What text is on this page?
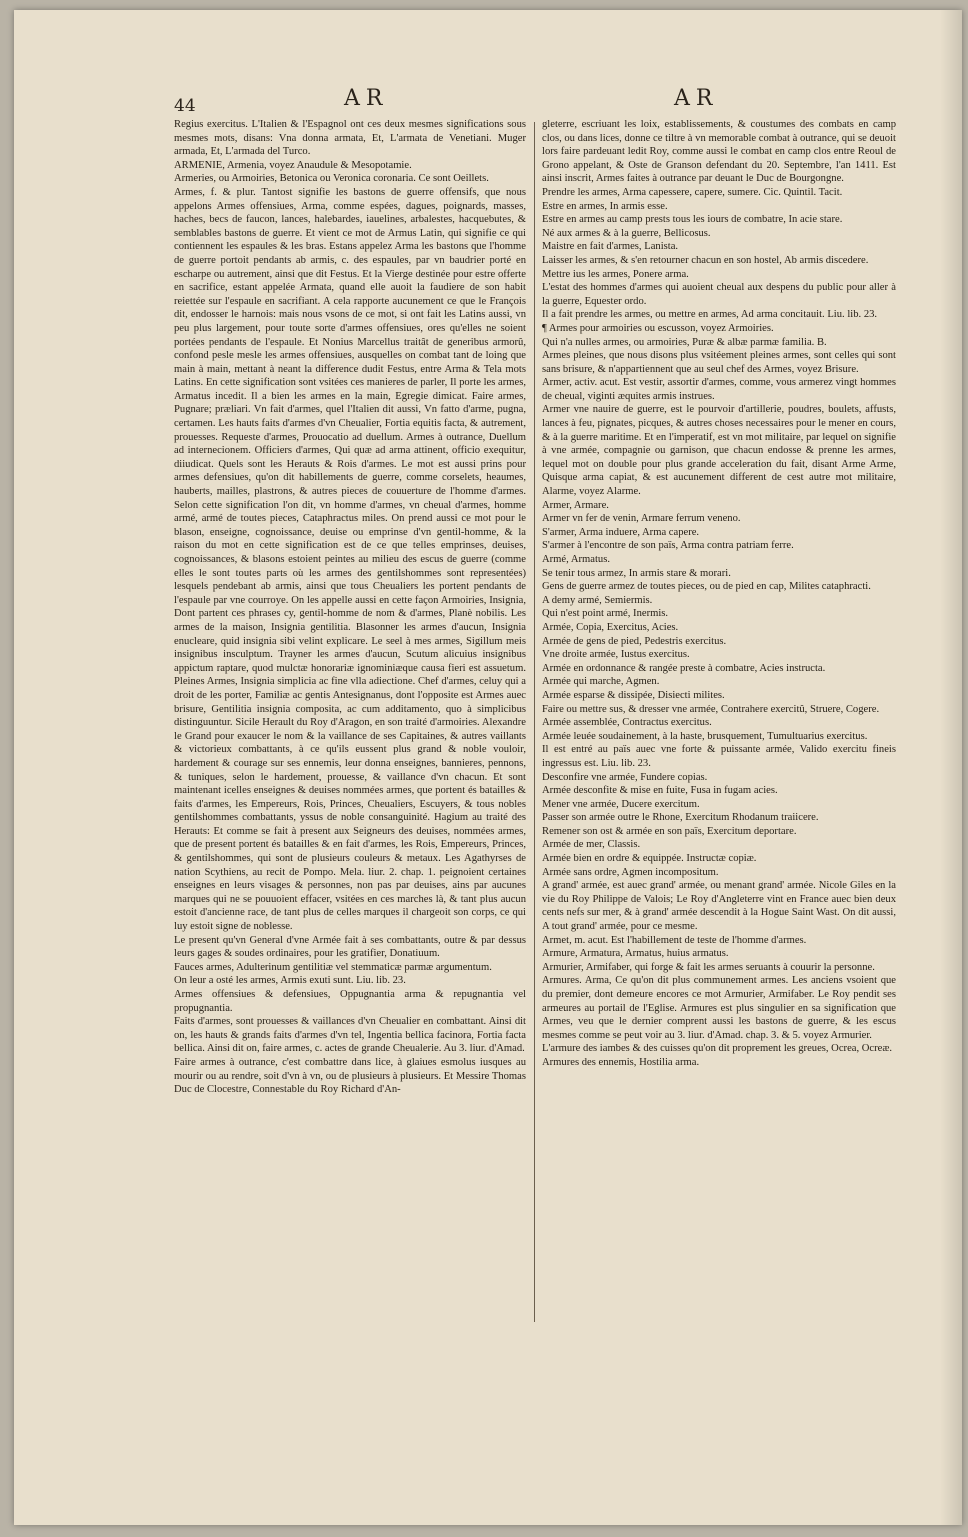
44	AR	AR

Regius exercitus. L'Italien & l'Espagnol ont ces deux mesmes significations sous mesmes mots, disans: Vna donna armata, Et, L'armata de Venetiani. Muger armada, Et, L'armada del Turco.

ARMENIE, Armenia, voyez Anaudule & Mesopotamie.

Armeries, ou Armoiries, Betonica ou Veronica coronaria. Ce sont Oeillets.

Armes, f. & plur. Tantost signifie les bastons de guerre offensifs, que nous appelons Armes offensiues, Arma, comme espées, dagues, poignards, masses, haches, becs de faucon, lances, halebardes, iauelines, arbalestes, hacquebutes, & semblables bastons de guerre. Et vient ce mot de Armus Latin, qui signifie ce qui contiennent les espaules & les bras. Estans appelez Arma les bastons que l'homme de guerre portoit pendants ab armis, c. des espaules, par vn baudrier porté en escharpe ou autrement, ainsi que dit Festus. Et la Vierge destinée pour estre offerte en sacrifice, estant appelée Armata, quand elle auoit la faudiere de son habit reiettée sur l'espaule en sacrifiant. A cela rapporte aucunement ce que le François dit, endosser le harnois: mais nous vsons de ce mot, si ont fait les Latins aussi, vn peu plus largement, pour toute sorte d'armes offensiues, ores qu'elles ne soient portées pendants de l'espaule. Et Nonius Marcellus traitât de generibus armorû, confond pesle mesle les armes offensiues, ausquelles on combat tant de loing que main à main, mettant à neant la difference dudit Festus, entre Arma & Tela mots Latins. En cette signification sont vsitées ces manieres de parler, Il porte les armes, Armatus incedit. Il a bien les armes en la main, Egregie dimicat. Faire armes, Pugnare; præliari. Vn fait d'armes, quel l'Italien dit aussi, Vn fatto d'arme, pugna, certamen. Les hauts faits d'armes d'vn Cheualier, Fortia equitis facta, & autrement, prouesses. Requeste d'armes, Prouocatio ad duellum. Armes à outrance, Duellum ad internecionem. Officiers d'armes, Qui quæ ad arma attinent, officio exequitur, diiudicat. Quels sont les Herauts & Rois d'armes. Le mot est aussi prins pour armes defensiues, qu'on dit habillements de guerre, comme corselets, heaumes, hauberts, mailles, plastrons, & autres pieces de couuerture de l'homme d'armes. Selon cette signification l'on dit, vn homme d'armes, vn cheual d'armes, homme armé, armé de toutes pieces, Cataphractus miles. On prend aussi ce mot pour le blason, enseigne, cognoissance, deuise ou emprinse d'vn gentil-homme, & la raison du mot en cette signification est de ce que telles emprinses, deuises, cognoissances, & blasons estoient peintes au milieu des escus de guerre (comme elles le sont toutes parts où les armes des gentilshommes sont representées) lesquels pendebant ab armis, ainsi que tous Cheualiers les portent pendants de l'espaule par vne courroye. On les appelle aussi en cette façon Armoiries, Insignia, Dont partent ces phrases cy, gentil-homme de nom & d'armes, Planè nobilis. Les armes de la maison, Insignia gentilitia. Blasonner les armes d'aucun, Insignia enucleare, quid insignia sibi velint explicare. Le seel à mes armes, Sigillum meis insignibus insculptum. Trayner les armes d'aucun, Scutum alicuius insignibus appictum raptare, quod mulctæ honorariæ ignominiæque causa fieri est assuetum. Pleines Armes, Insignia simplicia ac fine vlla adiectione. Chef d'armes, celuy qui a droit de les porter, Familiæ ac gentis Antesignanus, dont l'opposite est Armes auec brisure, Gentilitia insignia composita, ac cum additamento, quo à simplicibus distinguuntur. Sicile Herault du Roy d'Aragon, en son traité d'armoiries. Alexandre le Grand pour exaucer le nom & la vaillance de ses Capitaines, & autres vaillants & victorieux combattants, à ce qu'ils eussent plus grand & noble vouloir, hardement & courage sur ses ennemis, leur donna enseignes, bannieres, pennons, & tuniques, selon le hardement, prouesse, & vaillance d'vn chacun. Et sont maintenant icelles enseignes & deuises nommées armes, que portent és batailles & faits d'armes, les Empereurs, Rois, Princes, Cheualiers, Escuyers, & tous nobles gentilshommes combattants, yssus de noble consanguinité. Hagium au traité des Herauts: Et comme se fait à present aux Seigneurs des deuises, nommées armes, que de present portent és batailles & en fait d'armes, les Rois, Empereurs, Princes, & gentilshommes, qui sont de plusieurs couleurs & metaux. Les Agathyrses de nation Scythiens, au recit de Pompo. Mela. liur. 2. chap. 1. peignoient certaines enseignes en leurs visages & personnes, non pas par deuises, ains par aucunes marques qui ne se pouuoient effacer, vsitées en ces marches là, & tant plus aucun estoit d'ancienne race, de tant plus de celles marques il chargeoit son corps, ce qui luy estoit signe de noblesse.

Le present qu'vn General d'vne Armée fait à ses combattants, outre & par dessus leurs gages & soudes ordinaires, pour les gratifier, Donatiuum.

Fauces armes, Adulterinum gentilitiæ vel stemmaticæ parmæ argumentum.

On leur a osté les armes, Armis exuti sunt. Liu. lib. 23.

Armes offensiues & defensiues, Oppugnantia arma & repugnantia vel propugnantia.

Faits d'armes, sont prouesses & vaillances d'vn Cheualier en combattant. Ainsi dit on, les hauts & grands faits d'armes d'vn tel, Ingentia bellica facinora, Fortia facta bellica. Ainsi dit on, faire armes, c. actes de grande Cheualerie. Au 3. liur. d'Amad.

Faire armes à outrance, c'est combattre dans lice, à glaiues esmolus iusques au mourir ou au rendre, soit d'vn à vn, ou de plusieurs à plusieurs. Et Messire Thomas Duc de Clocestre, Connestable du Roy Richard d'An-

gleterre, escriuant les loix, establissements, & coustumes des combats en camp clos, ou dans lices, donne ce tiltre à vn memorable combat à outrance, qui se deuoit lors faire pardeuant ledit Roy, comme aussi le combat en camp clos entre Reoul de Grono appelant, & Oste de Granson defendant du 20. Septembre, l'an 1411. Est ainsi inscrit, Armes faites à outrance par deuant le Duc de Bourgongne.

Prendre les armes, Arma capessere, capere, sumere. Cic. Quintil. Tacit.

Estre en armes, In armis esse.

Estre en armes au camp prests tous les iours de combatre, In acie stare.

Né aux armes & à la guerre, Bellicosus.

Maistre en fait d'armes, Lanista.

Laisser les armes, & s'en retourner chacun en son hostel, Ab armis discedere.

Mettre ius les armes, Ponere arma.

L'estat des hommes d'armes qui auoient cheual aux despens du public pour aller à la guerre, Equester ordo.

Il a fait prendre les armes, ou mettre en armes, Ad arma concitauit. Liu. lib. 23.

¶ Armes pour armoiries ou escusson, voyez Armoiries.

Qui n'a nulles armes, ou armoiries, Puræ & albæ parmæ familia. B.

Armes pleines, que nous disons plus vsitéement pleines armes, sont celles qui sont sans brisure, & n'appartiennent que au seul chef des Armes, voyez Brisure.

Armer, activ. acut. Est vestir, assortir d'armes, comme, vous armerez vingt hommes de cheual, viginti æquites armis instrues.

Armer vne nauire de guerre, est le pourvoir d'artillerie, poudres, boulets, affusts, lances à feu, pignates, picques, & autres choses necessaires pour le mener en cours, & à la guerre maritime. Et en l'imperatif, est vn mot militaire, par lequel on signifie à vne armée, compagnie ou garnison, que chacun endosse & prenne les armes, lequel mot on double pour plus grande acceleration du fait, disant Arme Arme, Quisque arma capiat, & est aucunement different de cest autre mot militaire, Alarme, voyez Alarme.

Armer, Armare.

Armer vn fer de venin, Armare ferrum veneno.

S'armer, Arma induere, Arma capere.

S'armer à l'encontre de son païs, Arma contra patriam ferre.

Armé, Armatus.

Se tenir tous armez, In armis stare & morari.

Gens de guerre armez de toutes pieces, ou de pied en cap, Milites cataphracti.

A demy armé, Semiermis.

Qui n'est point armé, Inermis.

Armée, Copia, Exercitus, Acies.

Armée de gens de pied, Pedestris exercitus.

Vne droite armée, Iustus exercitus.

Armée en ordonnance & rangée preste à combatre, Acies instructa.

Armée qui marche, Agmen.

Armée esparse & dissipée, Disiecti milites.

Faire ou mettre sus, & dresser vne armée, Contrahere exercitû, Struere, Cogere.

Armée assemblée, Contractus exercitus.

Armée leuée soudainement, à la haste, brusquement, Tumultuarius exercitus.

Il est entré au païs auec vne forte & puissante armée, Valido exercitu fineis ingressus est. Liu. lib. 23.

Desconfire vne armée, Fundere copias.

Armée desconfite & mise en fuite, Fusa in fugam acies.

Mener vne armée, Ducere exercitum.

Passer son armée outre le Rhone, Exercitum Rhodanum traiicere.

Remener son ost & armée en son païs, Exercitum deportare.

Armée de mer, Classis.

Armée bien en ordre & equippée. Instructæ copiæ.

Armée sans ordre, Agmen incompositum.

A grand' armée, est auec grand' armée, ou menant grand' armée. Nicole Giles en la vie du Roy Philippe de Valois; Le Roy d'Angleterre vint en France auec bien deux cents nefs sur mer, & à grand' armée descendit à la Hogue Saint Wast. On dit aussi, A tout grand' armée, pour ce mesme.

Armet, m. acut. Est l'habillement de teste de l'homme d'armes.

Armure, Armatura, Armatus, huius armatus.

Armurier, Armifaber, qui forge & fait les armes seruants à couurir la personne.

Armures. Arma, Ce qu'on dit plus communement armes. Les anciens vsoient que du premier, dont demeure encores ce mot Armurier, Armifaber. Le Roy pendit ses armeures au portail de l'Eglise. Armures est plus singulier en sa signification que Armes, veu que le dernier comprent aussi les bastons de guerre, & les escus mesmes comme se peut voir au 3. liur. d'Amad. chap. 3. & 5. voyez Armurier.

L'armure des iambes & des cuisses qu'on dit proprement les greues, Ocrea, Ocreæ.

Armures des ennemis, Hostilia arma.
